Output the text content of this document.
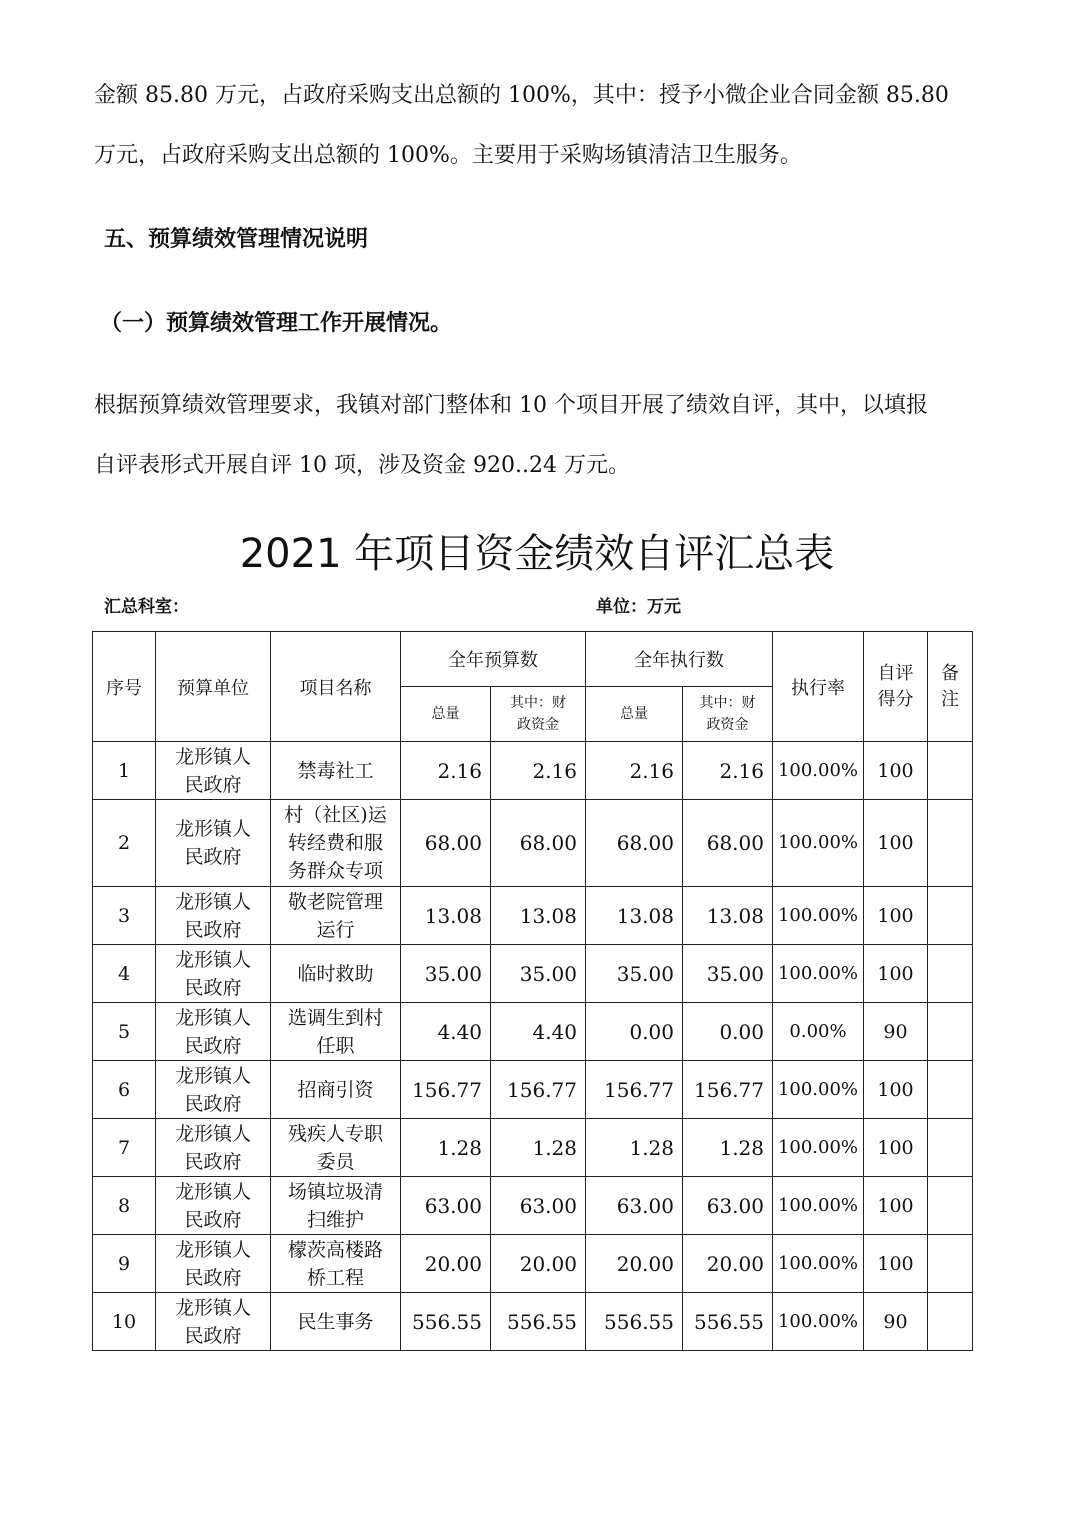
金额 85.80 万元，占政府采购支出总额的 100%，其中：授予小微企业合同金额 85.80

万元，占政府采购支出总额的 100%。主要用于采购场镇清洁卫生服务。

五、预算绩效管理情况说明

（一）预算绩效管理工作开展情况。

根据预算绩效管理要求，我镇对部门整体和 10 个项目开展了绩效自评，其中，以填报

自评表形式开展自评 10 项，涉及资金 920..24 万元。

2021 年项目资金绩效自评汇总表
汇总科室：	单位：万元
序号	预算单位	项目名称	全年预算数		全年执行数		执行率	自评
得分	备
注
			总量	其中：财
政资金	总量	其中：财
政资金			
1	龙形镇人
民政府	禁毒社工	2.16	2.16	2.16	2.16	100.00%	100	
2	龙形镇人
民政府	村（社区)运
转经费和服
务群众专项	68.00	68.00	68.00	68.00	100.00%	100	
3	龙形镇人
民政府	敬老院管理
运行	13.08	13.08	13.08	13.08	100.00%	100	
4	龙形镇人
民政府	临时救助	35.00	35.00	35.00	35.00	100.00%	100	
5	龙形镇人
民政府	选调生到村
任职	4.40	4.40	0.00	0.00	0.00%	90	
6	龙形镇人
民政府	招商引资	156.77	156.77	156.77	156.77	100.00%	100	
7	龙形镇人
民政府	残疾人专职
委员	1.28	1.28	1.28	1.28	100.00%	100	
8	龙形镇人
民政府	场镇垃圾清
扫维护	63.00	63.00	63.00	63.00	100.00%	100	
9	龙形镇人
民政府	檬茨高楼路
桥工程	20.00	20.00	20.00	20.00	100.00%	100	
10	龙形镇人
民政府	民生事务	556.55	556.55	556.55	556.55	100.00%	90	
